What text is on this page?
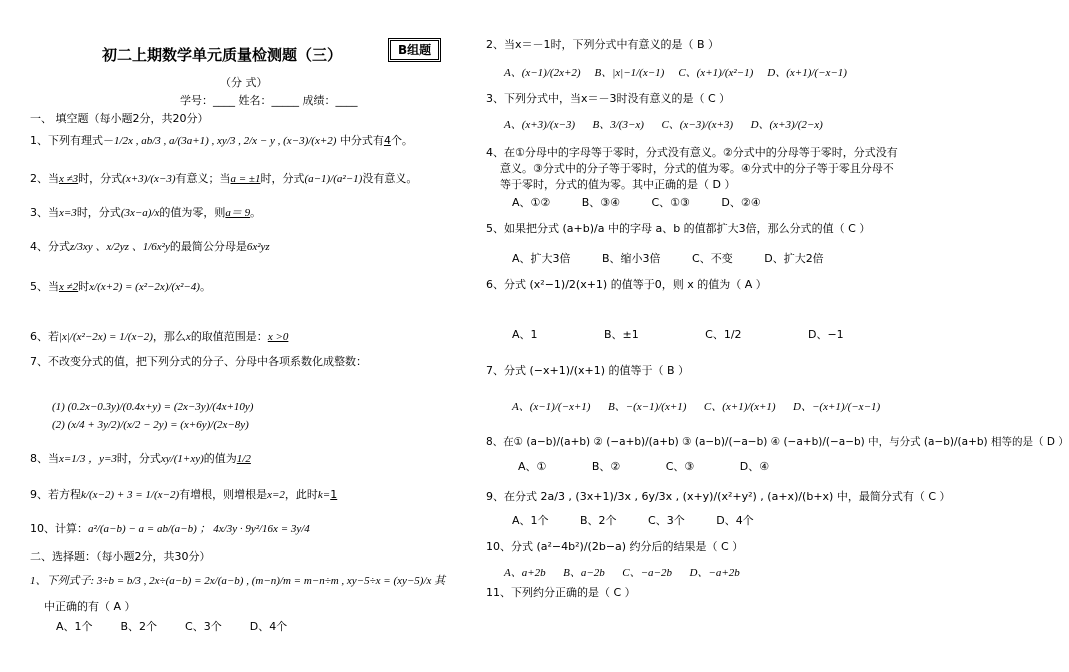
初二上期数学单元质量检测题（三）	B组题
（分 式）
学号：____ 姓名：_____ 成绩：____
一、 填空题（每小题2分，共20分）
1、下列有理式－1/2x , ab/3 , a/(3a+1) , xy/3 , 2/x − y , (x−3)/(x+2) 中分式有4个。
2、当x ≠3时，分式(x+3)/(x−3)有意义；当a = ±1时，分式(a−1)/(a²−1)没有意义。
3、当x=3时，分式(3x−a)/x的值为零，则a＝ 9。
4、分式z/3xy 、x/2yz 、1/6x²y的最简公分母是6x²yz
5、当x ≠2时x/(x+2) = (x²−2x)/(x²−4)。
6、若|x|/(x²−2x) = 1/(x−2)，那么x的取值范围是：x >0
7、不改变分式的值，把下列分式的分子、分母中各项系数化成整数：
(1) (0.2x−0.3y)/(0.4x+y) = (2x−3y)/(4x+10y)
(2) (x/4 + 3y/2)/(x/2 − 2y) = (x+6y)/(2x−8y)
8、当x=1/3 ，y=3时，分式xy/(1+xy)的值为1/2
9、若方程k/(x−2) + 3 = 1/(x−2)有增根，则增根是x=2，此时k=1
10、计算：a²/(a−b) − a = ab/(a−b) ； 4x/3y · 9y²/16x = 3y/4
二、选择题：（每小题2分，共30分）
1、下列式子: 3÷b = b/3 , 2x÷(a−b) = 2x/(a−b) , (m−n)/m = m−n÷m , xy−5÷x = (xy−5)/x 其
中正确的有（ A ）
A、1个	B、2个	C、3个	D、4个
2、当x＝－1时，下列分式中有意义的是（ B ）
A、(x−1)/(2x+2) B、|x|−1/(x−1) C、(x+1)/(x²−1) D、(x+1)/(−x−1)
3、下列分式中，当x＝－3时没有意义的是（ C ）
A、(x+3)/(x−3) B、3/(3−x) C、(x−3)/(x+3) D、(x+3)/(2−x)
4、在①分母中的字母等于零时，分式没有意义。②分式中的分母等于零时，分式没有
意义。③分式中的分子等于零时，分式的值为零。④分式中的分子等于零且分母不
等于零时，分式的值为零。其中正确的是（ D ）
A、①②	B、③④	C、①③	D、②④
5、如果把分式 (a+b)/a 中的字母 a、b 的值都扩大3倍，那么分式的值（ C ）
A、扩大3倍	B、缩小3倍	C、不变	D、扩大2倍
6、分式 (x²−1)/2(x+1) 的值等于0，则 x 的值为（ A ）
A、1	B、±1	C、1/2	D、−1
7、分式 (−x+1)/(x+1) 的值等于（ B ）
A、(x−1)/(−x+1) B、−(x−1)/(x+1) C、(x+1)/(x+1) D、−(x+1)/(−x−1)
8、在① (a−b)/(a+b) ② (−a+b)/(a+b) ③ (a−b)/(−a−b) ④ (−a+b)/(−a−b) 中，与分式 (a−b)/(a+b) 相等的是（ D ）
A、①	B、②	C、③	D、④
9、在分式 2a/3 , (3x+1)/3x , 6y/3x , (x+y)/(x²+y²) , (a+x)/(b+x) 中，最简分式有（ C ）
A、1个	B、2个	C、3个	D、4个
10、分式 (a²−4b²)/(2b−a) 约分后的结果是（ C ）
A、a+2b B、a−2b C、−a−2b D、−a+2b
11、下列约分正确的是（ C ）
